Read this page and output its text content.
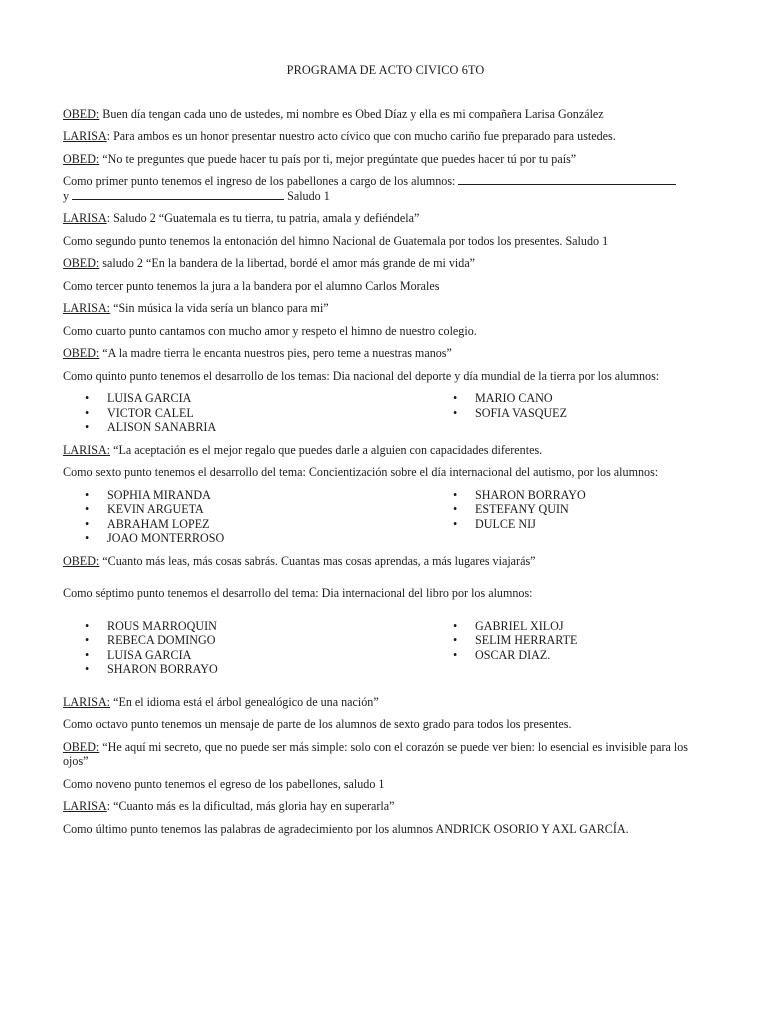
PROGRAMA DE ACTO CIVICO 6TO

OBED: Buen día tengan cada uno de ustedes, mi nombre es Obed Díaz y ella es mi compañera Larisa González

LARISA: Para ambos es un honor presentar nuestro acto cívico que con mucho cariño fue preparado para ustedes.

OBED: “No te preguntes que puede hacer tu país por ti, mejor pregúntate que puedes hacer tú por tu país”

Como primer punto tenemos el ingreso de los pabellones a cargo de los alumnos:
y	Saludo 1

LARISA: Saludo 2 “Guatemala es tu tierra, tu patria, amala y defiéndela”

Como segundo punto tenemos la entonación del himno Nacional de Guatemala por todos los presentes. Saludo 1

OBED: saludo 2 “En la bandera de la libertad, bordé el amor más grande de mi vida”

Como tercer punto tenemos la jura a la bandera por el alumno Carlos Morales

LARISA: “Sin música la vida sería un blanco para mi”

Como cuarto punto cantamos con mucho amor y respeto el himno de nuestro colegio.

OBED: “A la madre tierra le encanta nuestros pies, pero teme a nuestras manos”

Como quinto punto tenemos el desarrollo de los temas: Dia nacional del deporte y día mundial de la tierra por los alumnos:

• LUISA GARCIA
• VICTOR CALEL
• ALISON SANABRIA
• MARIO CANO
• SOFIA VASQUEZ

LARISA: “La aceptación es el mejor regalo que puedes darle a alguien con capacidades diferentes.

Como sexto punto tenemos el desarrollo del tema: Concientización sobre el día internacional del autismo, por los alumnos:

• SOPHIA MIRANDA
• KEVIN ARGUETA
• ABRAHAM LOPEZ
• JOAO MONTERROSO
• SHARON BORRAYO
• ESTEFANY QUIN
• DULCE NIJ

OBED: “Cuanto más leas, más cosas sabrás. Cuantas mas cosas aprendas, a más lugares viajarás”

Como séptimo punto tenemos el desarrollo del tema: Dia internacional del libro por los alumnos:

• ROUS MARROQUIN
• REBECA DOMINGO
• LUISA GARCIA
• SHARON BORRAYO
• GABRIEL XILOJ
• SELIM HERRARTE
• OSCAR DIAZ.

LARISA: “En el idioma está el árbol genealógico de una nación”

Como octavo punto tenemos un mensaje de parte de los alumnos de sexto grado para todos los presentes.

OBED: “He aquí mi secreto, que no puede ser más simple: solo con el corazón se puede ver bien: lo esencial es invisible para los ojos”

Como noveno punto tenemos el egreso de los pabellones, saludo 1

LARISA: “Cuanto más es la dificultad, más gloria hay en superarla”

Como último punto tenemos las palabras de agradecimiento por los alumnos ANDRICK OSORIO Y AXL GARCÍA.
